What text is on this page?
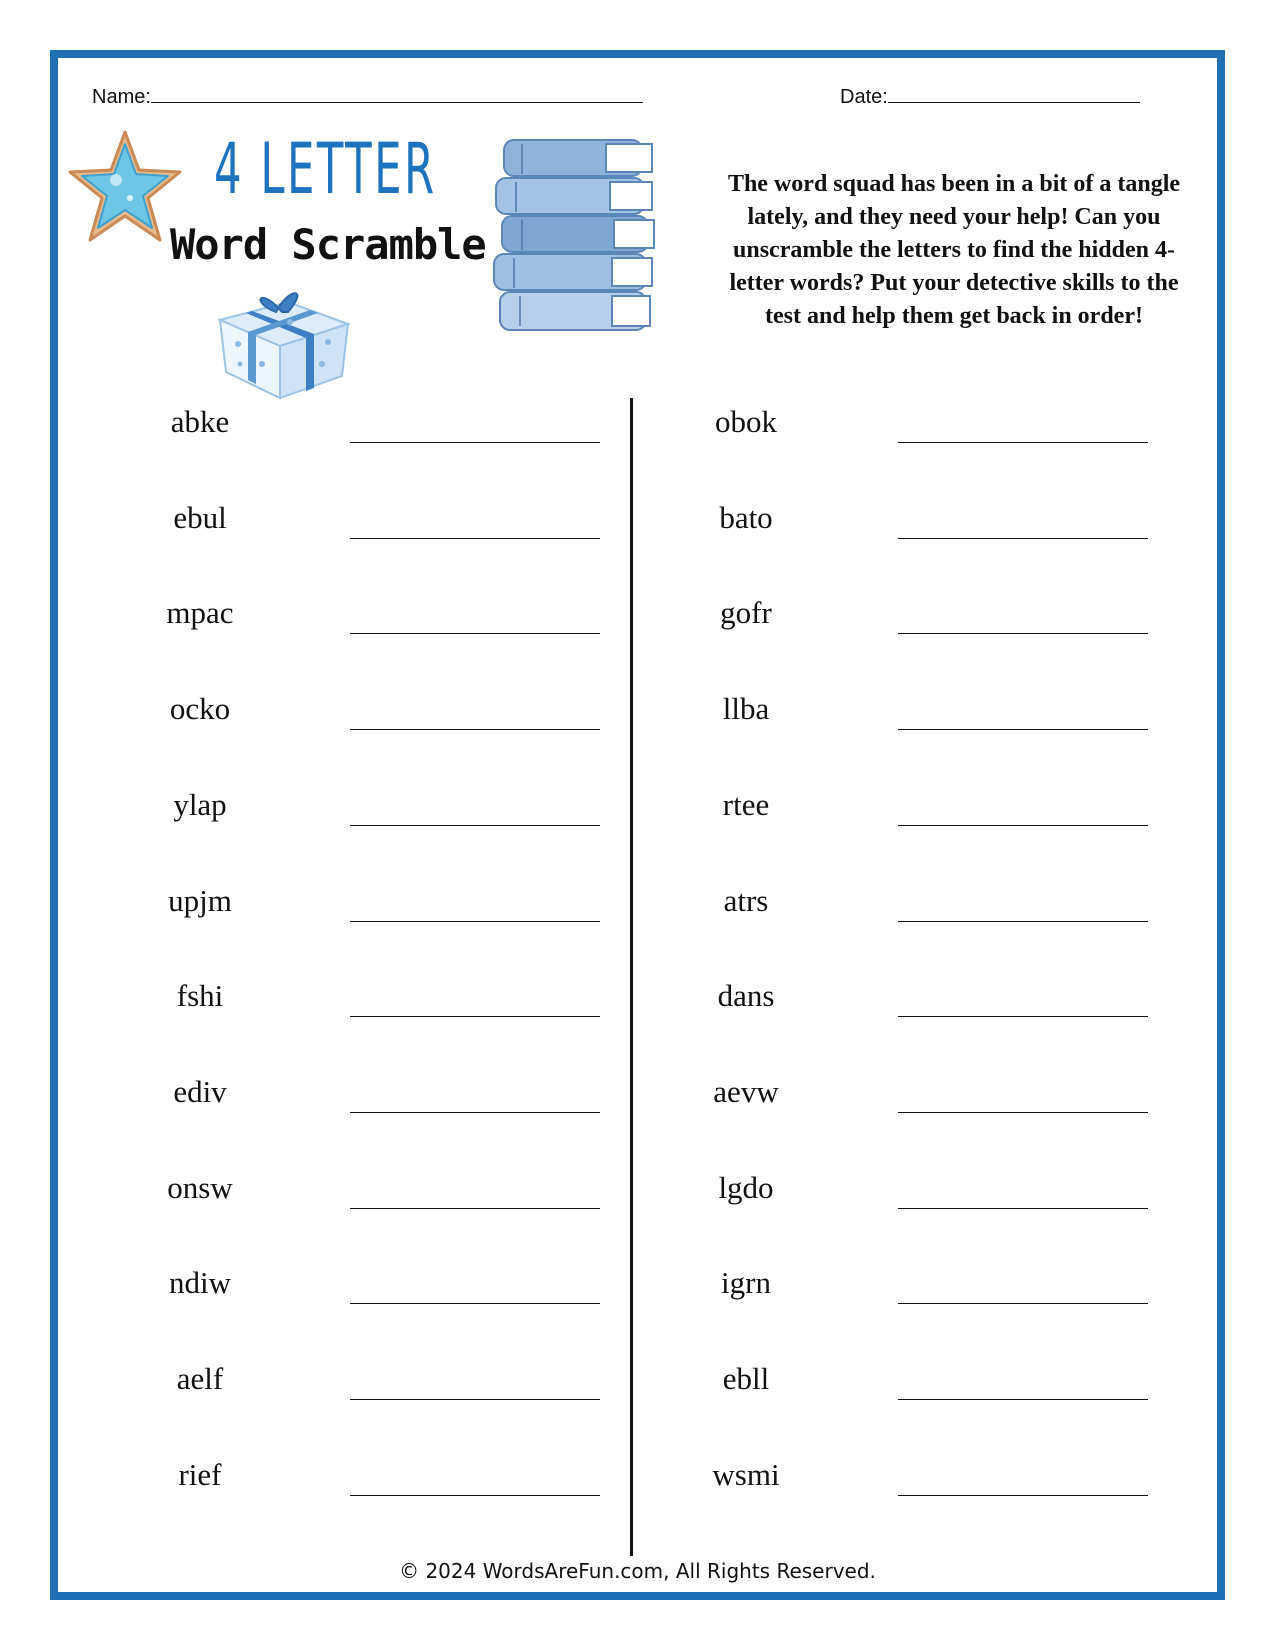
Name:	Date:
4 LETTER
Word Scramble
The word squad has been in a bit of a tangle lately, and they need your help! Can you unscramble the letters to find the hidden 4-letter words? Put your detective skills to the test and help them get back in order!
abke
ebul
mpac
ocko
ylap
upjm
fshi
ediv
onsw
ndiw
aelf
rief
obok
bato
gofr
llba
rtee
atrs
dans
aevw
lgdo
igrn
ebll
wsmi
© 2024 WordsAreFun.com, All Rights Reserved.
